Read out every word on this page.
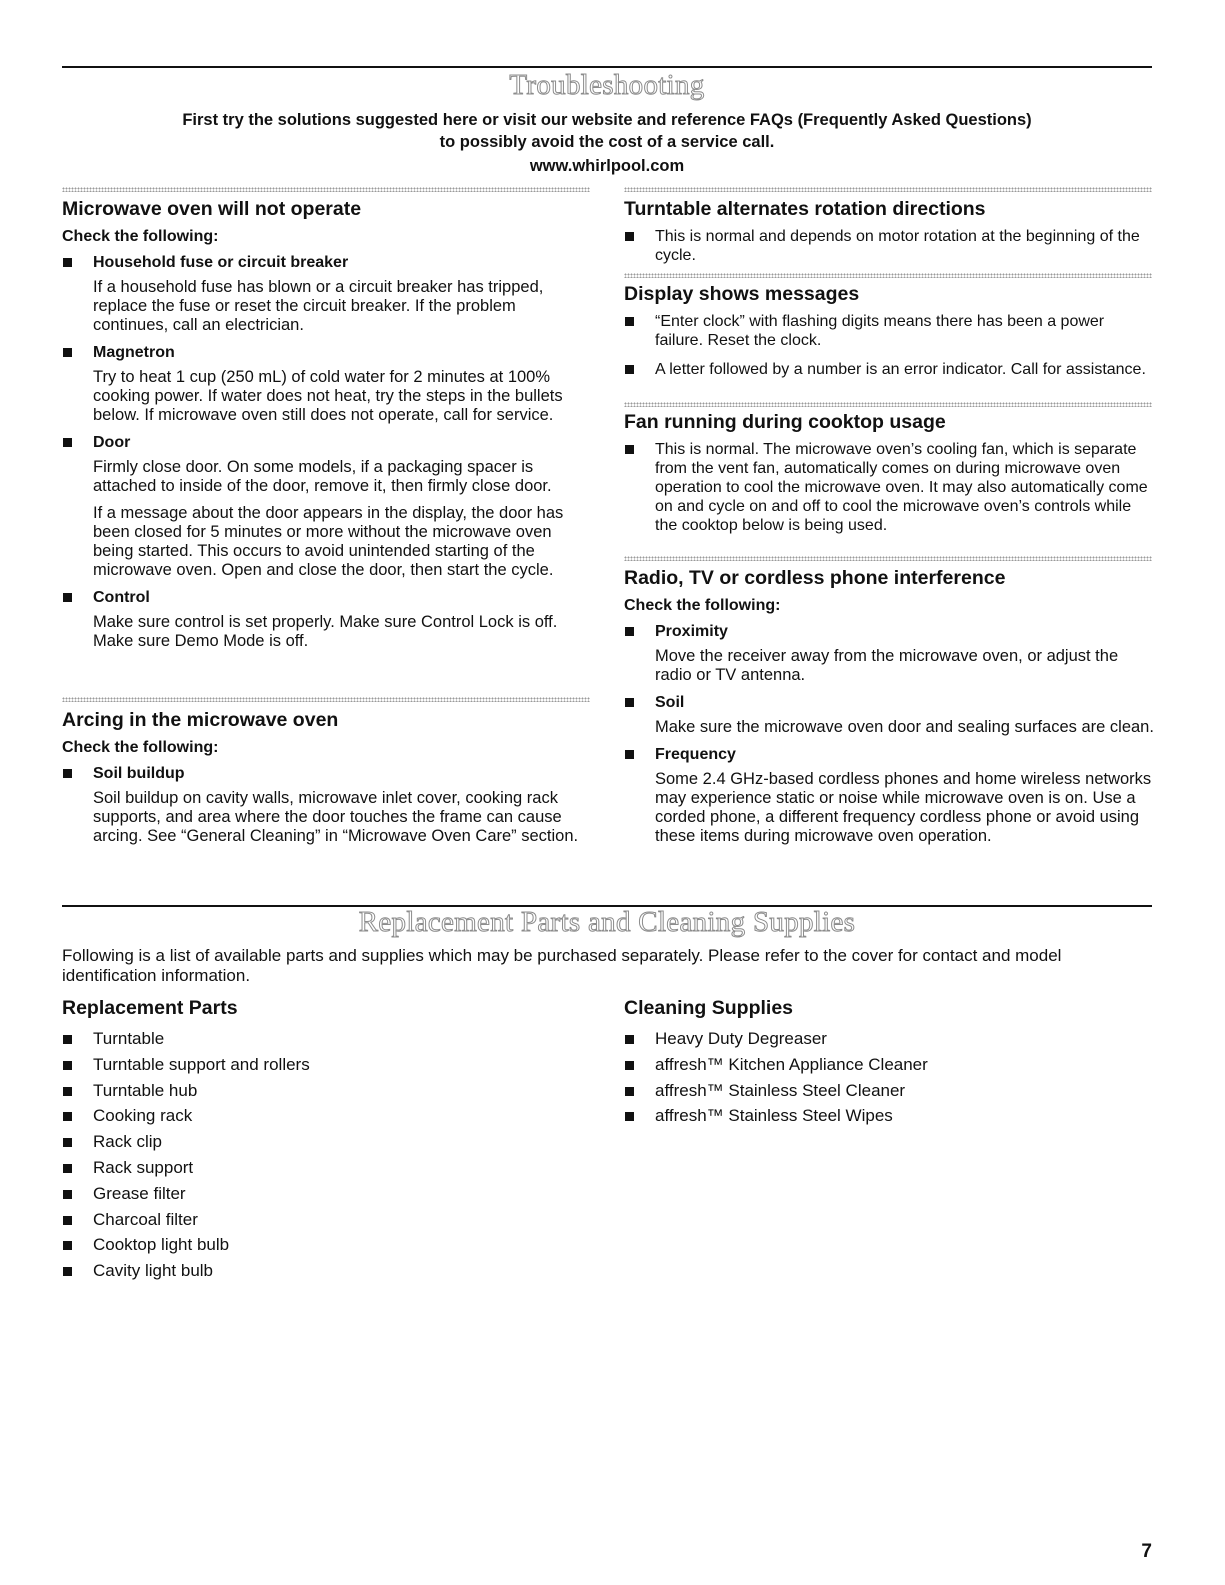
Troubleshooting
First try the solutions suggested here or visit our website and reference FAQs (Frequently Asked Questions)
to possibly avoid the cost of a service call.
www.whirlpool.com

Microwave oven will not operate

Check the following:

Household fuse or circuit breaker

If a household fuse has blown or a circuit breaker has tripped, replace the fuse or reset the circuit breaker. If the problem continues, call an electrician.

Magnetron

Try to heat 1 cup (250 mL) of cold water for 2 minutes at 100% cooking power. If water does not heat, try the steps in the bullets below. If microwave oven still does not operate, call for service.

Door

Firmly close door. On some models, if a packaging spacer is attached to inside of the door, remove it, then firmly close door.

If a message about the door appears in the display, the door has been closed for 5 minutes or more without the microwave oven being started. This occurs to avoid unintended starting of the microwave oven. Open and close the door, then start the cycle.

Control

Make sure control is set properly. Make sure Control Lock is off. Make sure Demo Mode is off.

Arcing in the microwave oven

Check the following:

Soil buildup

Soil buildup on cavity walls, microwave inlet cover, cooking rack supports, and area where the door touches the frame can cause arcing. See “General Cleaning” in “Microwave Oven Care” section.

Turntable alternates rotation directions

This is normal and depends on motor rotation at the beginning of the cycle.

Display shows messages

“Enter clock” with flashing digits means there has been a power failure. Reset the clock.
A letter followed by a number is an error indicator. Call for assistance.

Fan running during cooktop usage

This is normal. The microwave oven’s cooling fan, which is separate from the vent fan, automatically comes on during microwave oven operation to cool the microwave oven. It may also automatically come on and cycle on and off to cool the microwave oven’s controls while the cooktop below is being used.

Radio, TV or cordless phone interference

Check the following:

Proximity

Move the receiver away from the microwave oven, or adjust the radio or TV antenna.

Soil

Make sure the microwave oven door and sealing surfaces are clean.

Frequency

Some 2.4 GHz-based cordless phones and home wireless networks may experience static or noise while microwave oven is on. Use a corded phone, a different frequency cordless phone or avoid using these items during microwave oven operation.

Replacement Parts and Cleaning Supplies
Following is a list of available parts and supplies which may be purchased separately. Please refer to the cover for contact and model identification information.

Replacement Parts

Turntable
Turntable support and rollers
Turntable hub
Cooking rack
Rack clip
Rack support
Grease filter
Charcoal filter
Cooktop light bulb
Cavity light bulb

Cleaning Supplies

Heavy Duty Degreaser
affresh™ Kitchen Appliance Cleaner
affresh™ Stainless Steel Cleaner
affresh™ Stainless Steel Wipes
7
